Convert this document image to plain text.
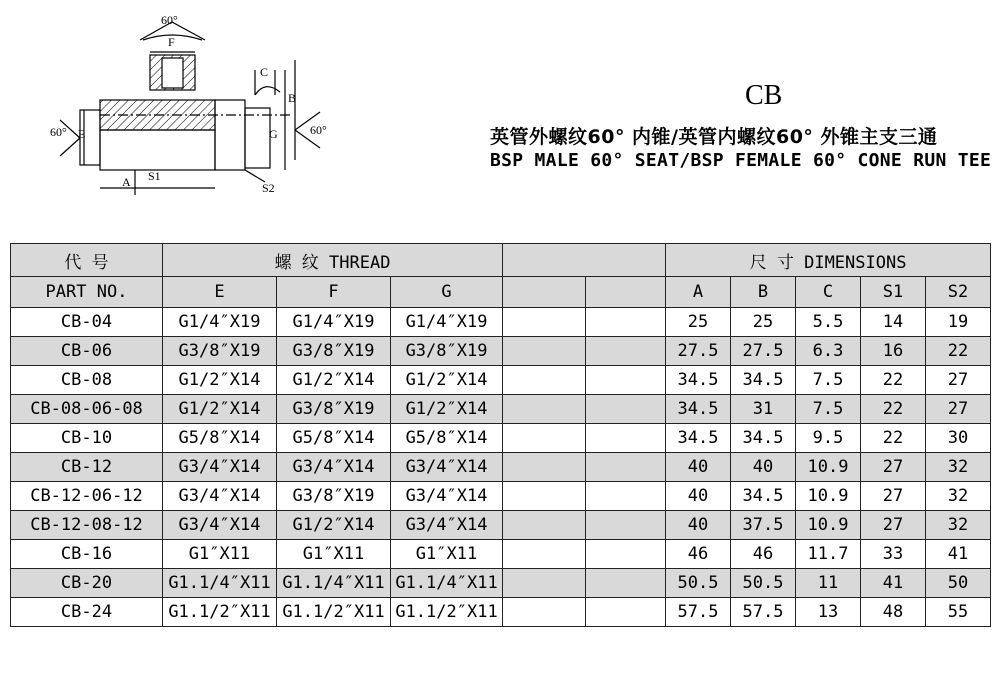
60°
F
C
B
E	G
60°	60°
A S1
S2
CB
英管外螺纹60° 内锥/英管内螺纹60° 外锥主支三通
BSP MALE 60° SEAT/BSP FEMALE 60° CONE RUN TEE
代 号	螺 纹 THREAD					尺 寸 DIMENSIONS				
PART NO.	E	F	G			A	B	C	S1	S2
CB-04	G1/4″X19	G1/4″X19	G1/4″X19			25	25	5.5	14	19
CB-06	G3/8″X19	G3/8″X19	G3/8″X19			27.5	27.5	6.3	16	22
CB-08	G1/2″X14	G1/2″X14	G1/2″X14			34.5	34.5	7.5	22	27
CB-08-06-08	G1/2″X14	G3/8″X19	G1/2″X14			34.5	31	7.5	22	27
CB-10	G5/8″X14	G5/8″X14	G5/8″X14			34.5	34.5	9.5	22	30
CB-12	G3/4″X14	G3/4″X14	G3/4″X14			40	40	10.9	27	32
CB-12-06-12	G3/4″X14	G3/8″X19	G3/4″X14			40	34.5	10.9	27	32
CB-12-08-12	G3/4″X14	G1/2″X14	G3/4″X14			40	37.5	10.9	27	32
CB-16	G1″X11	G1″X11	G1″X11			46	46	11.7	33	41
CB-20	G1.1/4″X11	G1.1/4″X11	G1.1/4″X11			50.5	50.5	11	41	50
CB-24	G1.1/2″X11	G1.1/2″X11	G1.1/2″X11			57.5	57.5	13	48	55
